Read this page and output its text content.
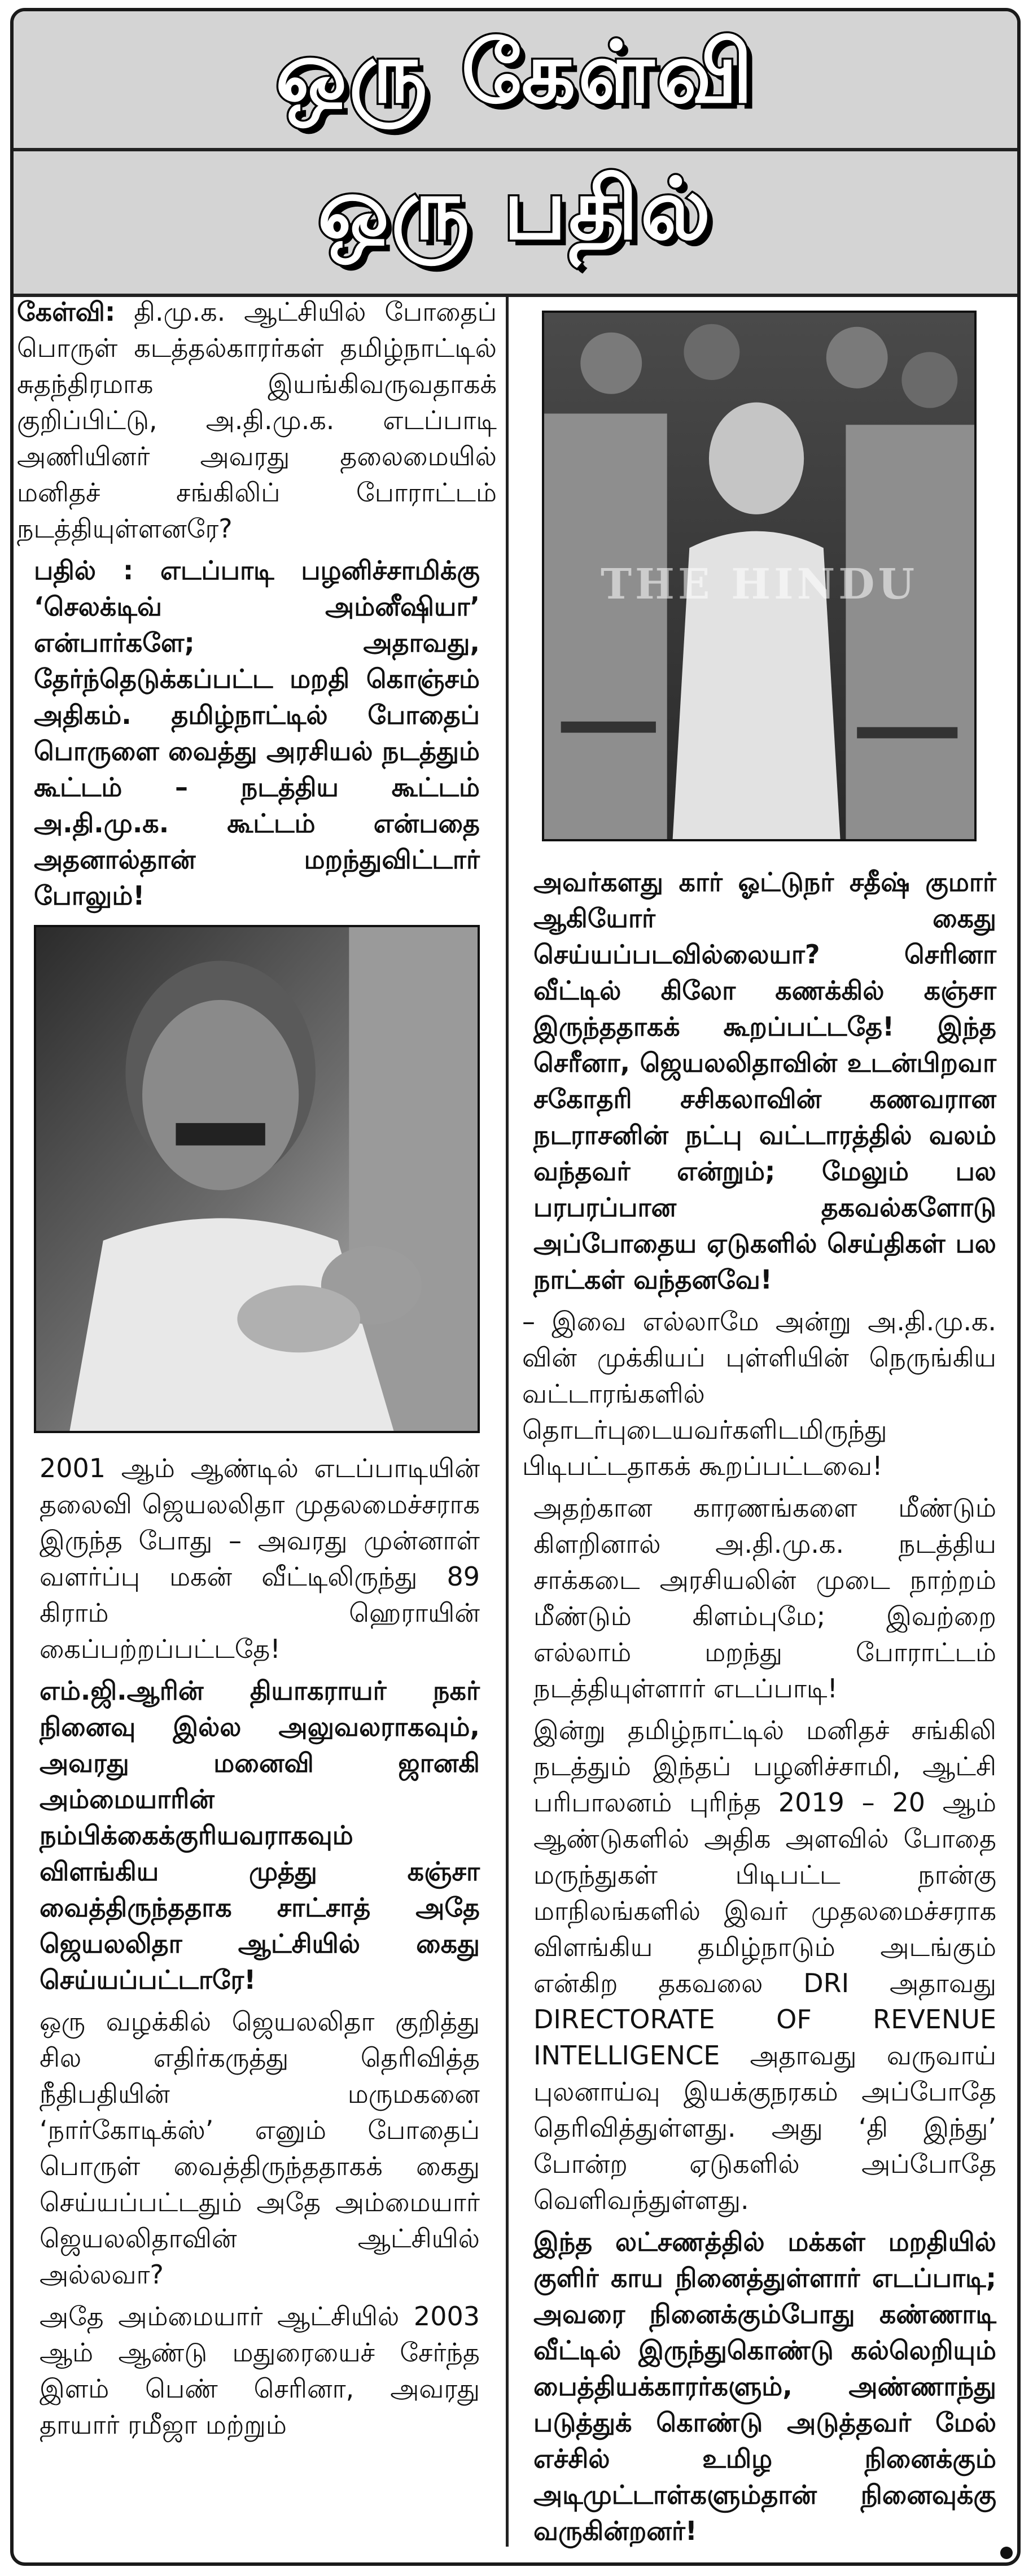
ஒரு கேள்வி
ஒரு பதில்

கேள்வி: தி.மு.க. ஆட்சியில் போதைப் பொருள் கடத்தல்காரர்கள் தமிழ்நாட்டில் சுதந்திரமாக இயங்கிவருவதாகக் குறிப்பிட்டு, அ.தி.மு.க. எடப்பாடி அணியினர் அவரது தலைமையில் மனிதச் சங்கிலிப் போராட்டம் நடத்தியுள்ளனரே?

பதில் : எடப்பாடி பழனிச்சாமிக்கு ‘செலக்டிவ் அம்னீஷியா’ என்பார்களே; அதாவது, தேர்ந்தெடுக்கப்பட்ட மறதி கொஞ்சம் அதிகம். தமிழ்நாட்டில் போதைப் பொருளை வைத்து அரசியல் நடத்தும் கூட்டம் – நடத்திய கூட்டம் அ.தி.மு.க. கூட்டம் என்பதை அதனால்தான் மறந்துவிட்டார் போலும்!

2001 ஆம் ஆண்டில் எடப்பாடியின் தலைவி ஜெயலலிதா முதலமைச்சராக இருந்த போது – அவரது முன்னாள் வளர்ப்பு மகன் வீட்டிலிருந்து 89 கிராம் ஹெராயின் கைப்பற்றப்பட்டதே!

எம்.ஜி.ஆரின் தியாகராயர் நகர் நினைவு இல்ல அலுவலராகவும், அவரது மனைவி ஜானகி அம்மையாரின் நம்பிக்கைக்குரியவராகவும் விளங்கிய முத்து கஞ்சா வைத்திருந்ததாக சாட்சாத் அதே ஜெயலலிதா ஆட்சியில் கைது செய்யப்பட்டாரே!

ஒரு வழக்கில் ஜெயலலிதா குறித்து சில எதிர்கருத்து தெரிவித்த நீதிபதியின் மருமகனை ‘நார்கோடிக்ஸ்’ எனும் போதைப் பொருள் வைத்திருந்ததாகக் கைது செய்யப்பட்டதும் அதே அம்மையார் ஜெயலலிதாவின் ஆட்சியில் அல்லவா?

அதே அம்மையார் ஆட்சியில் 2003 ஆம் ஆண்டு மதுரையைச் சேர்ந்த இளம் பெண் செரினா, அவரது தாயார் ரமீஜா மற்றும்

THE HINDU

அவர்களது கார் ஓட்டுநர் சதீஷ் குமார் ஆகியோர் கைது செய்யப்படவில்லையா? செரினா வீட்டில் கிலோ கணக்கில் கஞ்சா இருந்ததாகக் கூறப்பட்டதே! இந்த செரீனா, ஜெயலலிதாவின் உடன்பிறவா சகோதரி சசிகலாவின் கணவரான நடராசனின் நட்பு வட்டாரத்தில் வலம் வந்தவர் என்றும்; மேலும் பல பரபரப்பான தகவல்களோடு அப்போதைய ஏடுகளில் செய்திகள் பல நாட்கள் வந்தனவே!

– இவை எல்லாமே அன்று அ.தி.மு.க. வின் முக்கியப் புள்ளியின் நெருங்கிய வட்டாரங்களில் தொடர்புடையவர்களிடமிருந்து பிடிபட்டதாகக் கூறப்பட்டவை!

அதற்கான காரணங்களை மீண்டும் கிளறினால் அ.தி.மு.க. நடத்திய சாக்கடை அரசியலின் முடை நாற்றம் மீண்டும் கிளம்புமே; இவற்றை எல்லாம் மறந்து போராட்டம் நடத்தியுள்ளார் எடப்பாடி!

இன்று தமிழ்நாட்டில் மனிதச் சங்கிலி நடத்தும் இந்தப் பழனிச்சாமி, ஆட்சி பரிபாலனம் புரிந்த 2019 – 20 ஆம் ஆண்டுகளில் அதிக அளவில் போதை மருந்துகள் பிடிபட்ட நான்கு மாநிலங்களில் இவர் முதலமைச்சராக விளங்கிய தமிழ்நாடும் அடங்கும் என்கிற தகவலை DRI அதாவது DIRECTORATE OF REVENUE INTELLIGENCE அதாவது வருவாய் புலனாய்வு இயக்குநரகம் அப்போதே தெரிவித்துள்ளது. அது ‘தி இந்து’ போன்ற ஏடுகளில் அப்போதே வெளிவந்துள்ளது.

இந்த லட்சணத்தில் மக்கள் மறதியில் குளிர் காய நினைத்துள்ளார் எடப்பாடி; அவரை நினைக்கும்போது கண்ணாடி வீட்டில் இருந்துகொண்டு கல்லெறியும் பைத்தியக்காரர்களும், அண்ணாந்து படுத்துக் கொண்டு அடுத்தவர் மேல் எச்சில் உமிழ நினைக்கும் அடிமுட்டாள்களும்தான் நினைவுக்கு வருகின்றனர்!
